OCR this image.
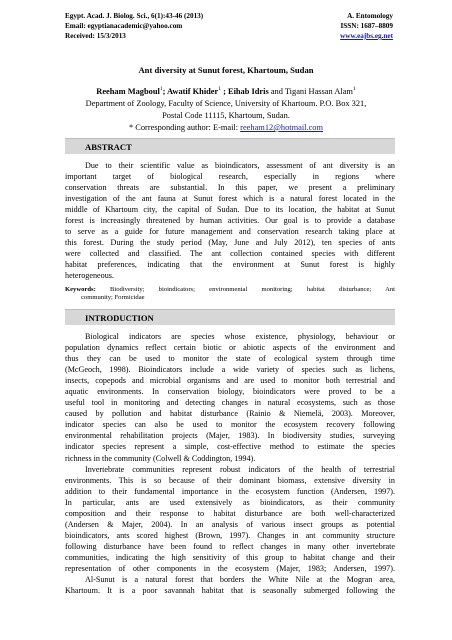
Egypt. Acad. J. Biolog. Sci., 6(1):43-46 (2013)	A. Entomology
Email: egyptianacademic@yahoo.com	ISSN: 1687–8809
Received: 15/3/2013	www.eajbs.eg.net
Ant diversity at Sunut forest, Khartoum, Sudan
Reeham Magboul$^1$; Awatif Khider$^1$ ; Eihab Idris and Tigani Hassan Alam$^1$
Department of Zoology, Faculty of Science, University of Khartoum. P.O. Box 321,
Postal Code 11115, Khartoum, Sudan.
* Corresponding author: E-mail: reeham12@hotmail.com
ABSTRACT
Due to their scientific value as bioindicators, assessment of ant diversity is an
important target of biological research, especially in regions where
conservation threats are substantial. In this paper, we present a preliminary
investigation of the ant fauna at Sunut forest which is a natural forest located in the
middle of Khartoum city, the capital of Sudan. Due to its location, the habitat at Sunut
forest is increasingly threatened by human activities. Our goal is to provide a database
to serve as a guide for future management and conservation research taking place at
this forest. During the study period (May, June and July 2012), ten species of ants
were collected and classified. The ant collection contained species with different
habitat preferences, indicating that the environment at Sunut forest is highly
heterogeneous.
Keywords: Biodiversity; bioindicators; environmental monitoring; habitat disturbance; Ant
community; Formicidae
INTRODUCTION
Biological indicators are species whose existence, physiology, behaviour or
population dynamics reflect certain biotic or abiotic aspects of the environment and
thus they can be used to monitor the state of ecological system through time
(McGeoch, 1998). Bioindicators include a wide variety of species such as lichens,
insects, copepods and microbial organisms and are used to monitor both terrestrial and
aquatic environments. In conservation biology, bioindicators were proved to be a
useful tool in monitoring and detecting changes in natural ecosystems, such as those
caused by pollution and habitat disturbance (Rainio & Niemelä, 2003). Moreover,
indicator species can also be used to monitor the ecosystem recovery following
environmental rehabilitation projects (Majer, 1983). In biodiversity studies, surveying
indicator species represent a simple, cost-effective method to estimate the species
richness in the community (Colwell & Coddington, 1994).
Invertebrate communities represent robust indicators of the health of terrestrial
environments. This is so because of their dominant biomass, extensive diversity in
addition to their fundamental importance in the ecosystem function (Andersen, 1997).
In particular, ants are used extensively as bioindicators, as their community
composition and their response to habitat disturbance are both well-characterized
(Andersen & Majer, 2004). In an analysis of various insect groups as potential
bioindicators, ants scored highest (Brown, 1997). Changes in ant community structure
following disturbance have been found to reflect changes in many other invertebrate
communities, indicating the high sensitivity of this group to habitat change and their
representation of other components in the ecosystem (Majer, 1983; Andersen, 1997).
Al-Sunut is a natural forest that borders the White Nile at the Mogran area,
Khartoum. It is a poor savannah habitat that is seasonally submerged following the
